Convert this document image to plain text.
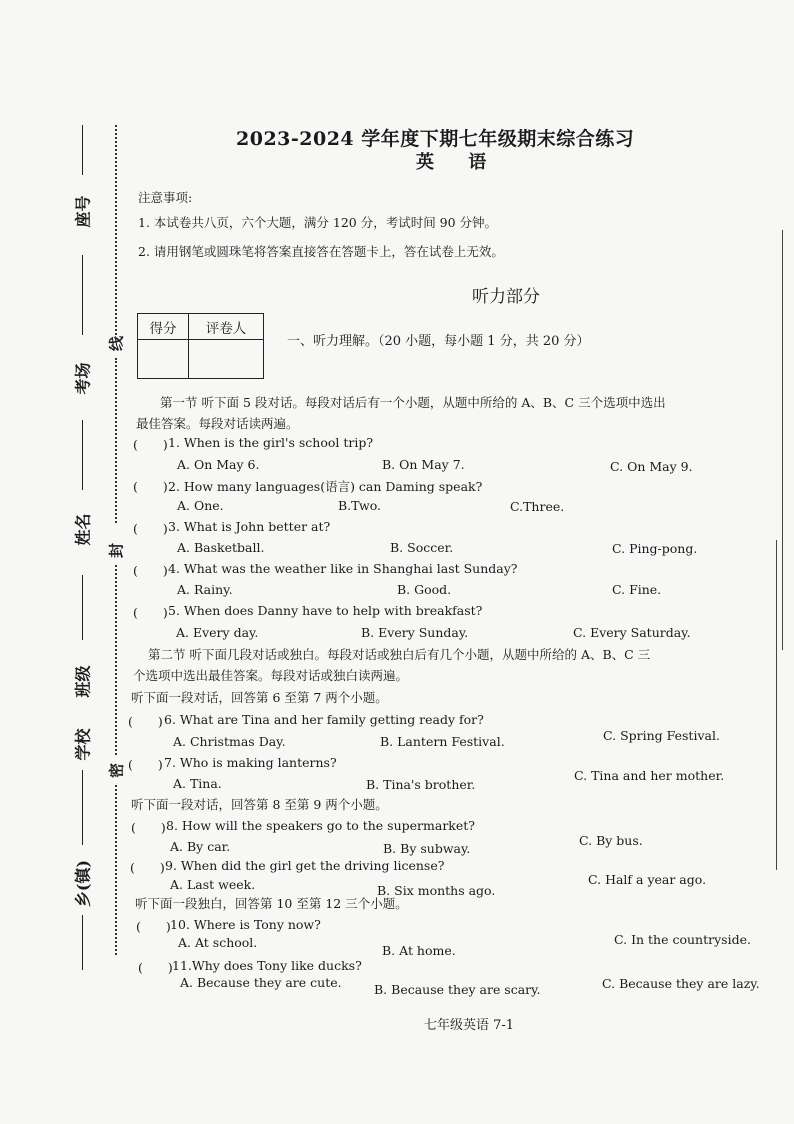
座号
考场
姓名
班级
学校
乡(镇)
线
封
密
2023-2024 学年度下期七年级期末综合练习
英 语
注意事项:
1. 本试卷共八页，六个大题，满分 120 分，考试时间 90 分钟。
2. 请用钢笔或圆珠笔将答案直接答在答题卡上，答在试卷上无效。
听力部分
得分	评卷人

一、听力理解。（20 小题，每小题 1 分，共 20 分）
第一节 听下面 5 段对话。每段对话后有一个小题，从题中所给的 A、B、C 三个选项中选出
最佳答案。每段对话读两遍。
(　　) 1. When is the girl's school trip?
A. On May 6.	B. On May 7.	C. On May 9.
(　　) 2. How many languages(语言) can Daming speak?
A. One.	B.Two.	C.Three.
(　　) 3. What is John better at?
A. Basketball.	B. Soccer.	C. Ping-pong.
(　　) 4. What was the weather like in Shanghai last Sunday?
A. Rainy.	B. Good.	C. Fine.
(　　) 5. When does Danny have to help with breakfast?
A. Every day.	B. Every Sunday.	C. Every Saturday.
第二节 听下面几段对话或独白。每段对话或独白后有几个小题，从题中所给的 A、B、C 三
个选项中选出最佳答案。每段对话或独白读两遍。
听下面一段对话，回答第 6 至第 7 两个小题。
(　　) 6. What are Tina and her family getting ready for?
A. Christmas Day.	B. Lantern Festival.	C. Spring Festival.
(　　) 7. Who is making lanterns?
A. Tina.	B. Tina's brother.
C. Tina and her mother.
听下面一段对话，回答第 8 至第 9 两个小题。
(　　) 8. How will the speakers go to the supermarket?
A. By car.	B. By subway.
C. By bus.
(　　) 9. When did the girl get the driving license?
A. Last week.	B. Six months ago.
C. Half a year ago.
听下面一段独白，回答第 10 至第 12 三个小题。
(　　) 10. Where is Tony now?
A. At school.
B. At home.
C. In the countryside.
(　　) 11.Why does Tony like ducks?
A. Because they are cute.	B. Because they are scary.	C. Because they are lazy.
七年级英语 7-1
